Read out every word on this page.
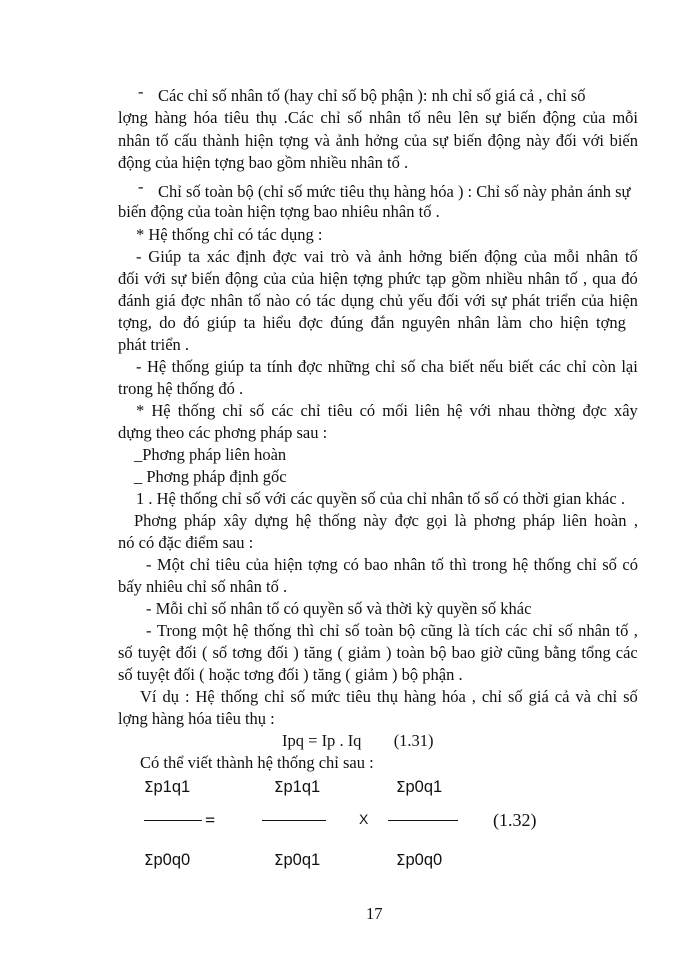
- Các chỉ số nhân tố (hay chỉ số bộ phận ): nh chỉ số giá cả , chỉ số
lợng hàng hóa tiêu thụ .Các chỉ số nhân tố nêu lên sự biến động của mỗi
nhân tố cấu thành hiện tợng và ảnh hởng của sự biến động này đối với biến
động của hiện tợng bao gồm nhiều nhân tố .
- Chỉ số toàn bộ (chỉ số mức tiêu thụ hàng hóa ) : Chỉ số này phản ánh sự
biến động của toàn hiện tợng bao nhiêu nhân tố .
* Hệ thống chỉ có tác dụng :
- Giúp ta xác định đợc vai trò và ảnh hởng biến động của mỗi nhân tố
đối với sự biến động của của hiện tợng phức tạp gồm nhiều nhân tố , qua đó
đánh giá đợc nhân tố nào có tác dụng chủ yếu đối với sự phát triển của hiện
tợng, do đó giúp ta hiểu đợc đúng đắn nguyên nhân làm cho hiện tợng
phát triển .
- Hệ thống giúp ta tính đợc những chỉ số cha biết nếu biết các chỉ còn lại
trong hệ thống đó .
* Hệ thống chỉ số các chỉ tiêu có mối liên hệ với nhau thờng đợc xây
dựng theo các phơng pháp sau :
_Phơng pháp liên hoàn
_ Phơng pháp định gốc
1 . Hệ thống chỉ số với các quyền số của chỉ nhân tố số có thời gian khác .
Phơng pháp xây dựng hệ thống này đợc gọi là phơng pháp liên hoàn ,
nó có đặc điểm sau :
- Một chỉ tiêu của hiện tợng có bao nhân tố thì trong hệ thống chỉ số có
bấy nhiêu chỉ số nhân tố .
- Mỗi chỉ số nhân tố có quyền số và thời kỳ quyền số khác
- Trong một hệ thống thì chỉ số toàn bộ cũng là tích các chỉ số nhân tố ,
số tuyệt đối ( số tơng đối ) tăng ( giảm ) toàn bộ bao giờ cũng bằng tổng các
số tuyệt đối ( hoặc tơng đối ) tăng ( giảm ) bộ phận .
Ví dụ : Hệ thống chỉ số mức tiêu thụ hàng hóa , chỉ số giá cả và chỉ số
lợng hàng hóa tiêu thụ :
Ipq = Ip . Iq (1.31)
Có thể viết thành hệ thống chỉ sau :
Σp1q1	Σp1q1	Σp0q1
=	X	(1.32)
Σp0q0	Σp0q1	Σp0q0
17
